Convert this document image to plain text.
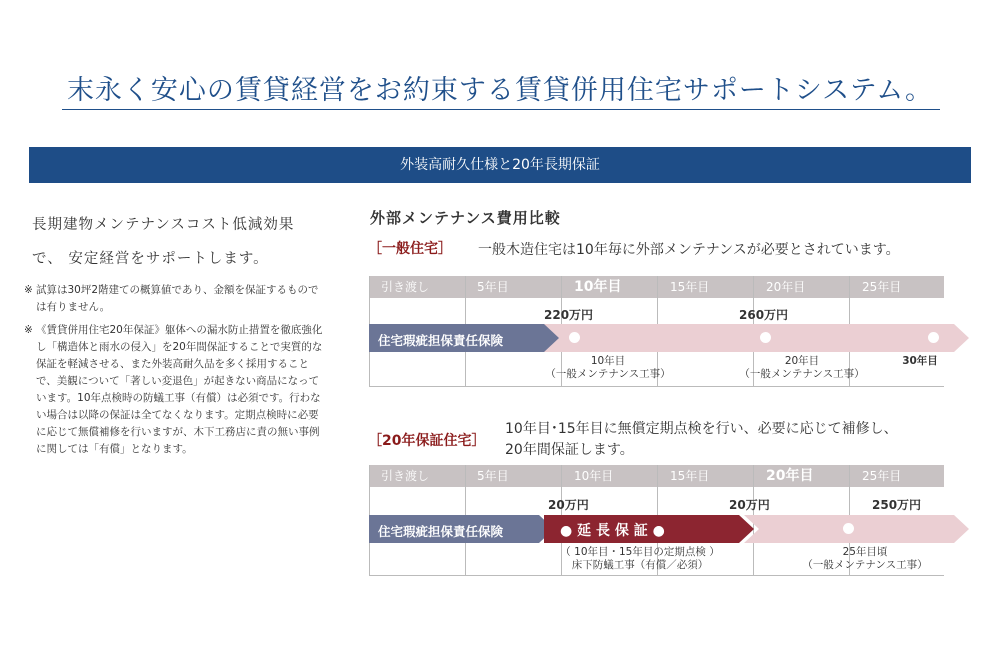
末永く安心の賃貸経営をお約束する賃貸併用住宅サポートシステム。
外装高耐久仕様と20年長期保証
長期建物メンテナンスコスト低減効果
で、 安定経営をサポートします。
※ 試算は30坪2階建ての概算値であり、金額を保証するものでは有りません。
※ 《賃貸併用住宅20年保証》躯体への漏水防止措置を徹底強化し「構造体と雨水の侵入」を20年間保証することで実質的な保証を軽減させる、また外装高耐久品を多く採用することで、美観について「著しい変退色」が起きない商品になっています。10年点検時の防蟻工事（有償）は必須です。行わない場合は以降の保証は全てなくなります。定期点検時に必要に応じて無償補修を行いますが、木下工務店に責の無い事例に関しては「有償」となります。
外部メンテナンス費用比較
［一般住宅］ 一般木造住宅は10年毎に外部メンテナンスが必要とされています。
引き渡し	5年目	10年目	15年目	20年目	25年目
住宅瑕疵担保責任保険
220万円	260万円
10年目
（一般メンテナンス工事）
20年目
（一般メンテナンス工事）
30年目
［20年保証住宅］
10年目･15年目に無償定期点検を行い、必要に応じて補修し、
20年間保証します。
引き渡し	5年目	10年目	15年目	20年目	25年目
住宅瑕疵担保責任保険	● 延 長 保 証 ●
20万円	20万円	250万円
（ 10年目・15年目の定期点検 ）
床下防蟻工事（有償／必須）
25年目頃
（一般メンテナンス工事）
